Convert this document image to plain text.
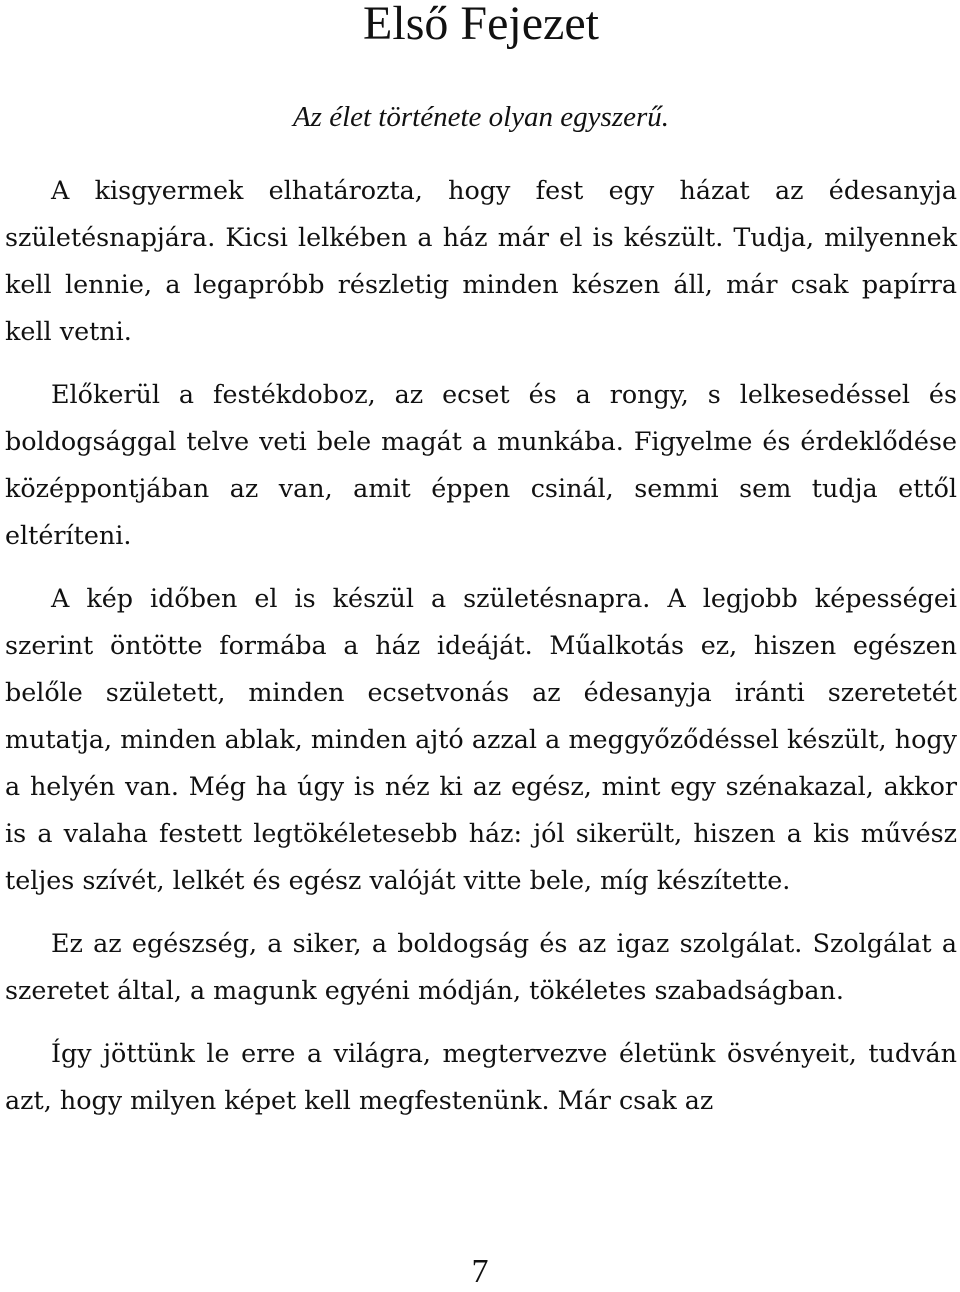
Első Fejezet

Az élet története olyan egyszerű.

A kisgyermek elhatározta, hogy fest egy házat az édesanyja születésnapjára. Kicsi lelkében a ház már el is készült. Tudja, milyennek kell lennie, a legapróbb részletig minden készen áll, már csak papírra kell vetni.

Előkerül a festékdoboz, az ecset és a rongy, s lelkesedéssel és boldogsággal telve veti bele magát a munkába. Figyelme és érdeklődése középpontjában az van, amit éppen csinál, semmi sem tudja ettől eltéríteni.

A kép időben el is készül a születésnapra. A legjobb képességei szerint öntötte formába a ház ideáját. Műalkotás ez, hiszen egészen belőle született, minden ecsetvonás az édesanyja iránti szeretetét mutatja, minden ablak, minden ajtó azzal a meggyőződéssel készült, hogy a helyén van. Még ha úgy is néz ki az egész, mint egy szénakazal, akkor is a valaha festett legtökéletesebb ház: jól sikerült, hiszen a kis művész teljes szívét, lelkét és egész valóját vitte bele, míg készítette.

Ez az egészség, a siker, a boldogság és az igaz szolgálat. Szolgálat a szeretet által, a magunk egyéni módján, tökéletes szabadságban.

Így jöttünk le erre a világra, megtervezve életünk ösvényeit, tudván azt, hogy milyen képet kell megfestenünk. Már csak az

7
